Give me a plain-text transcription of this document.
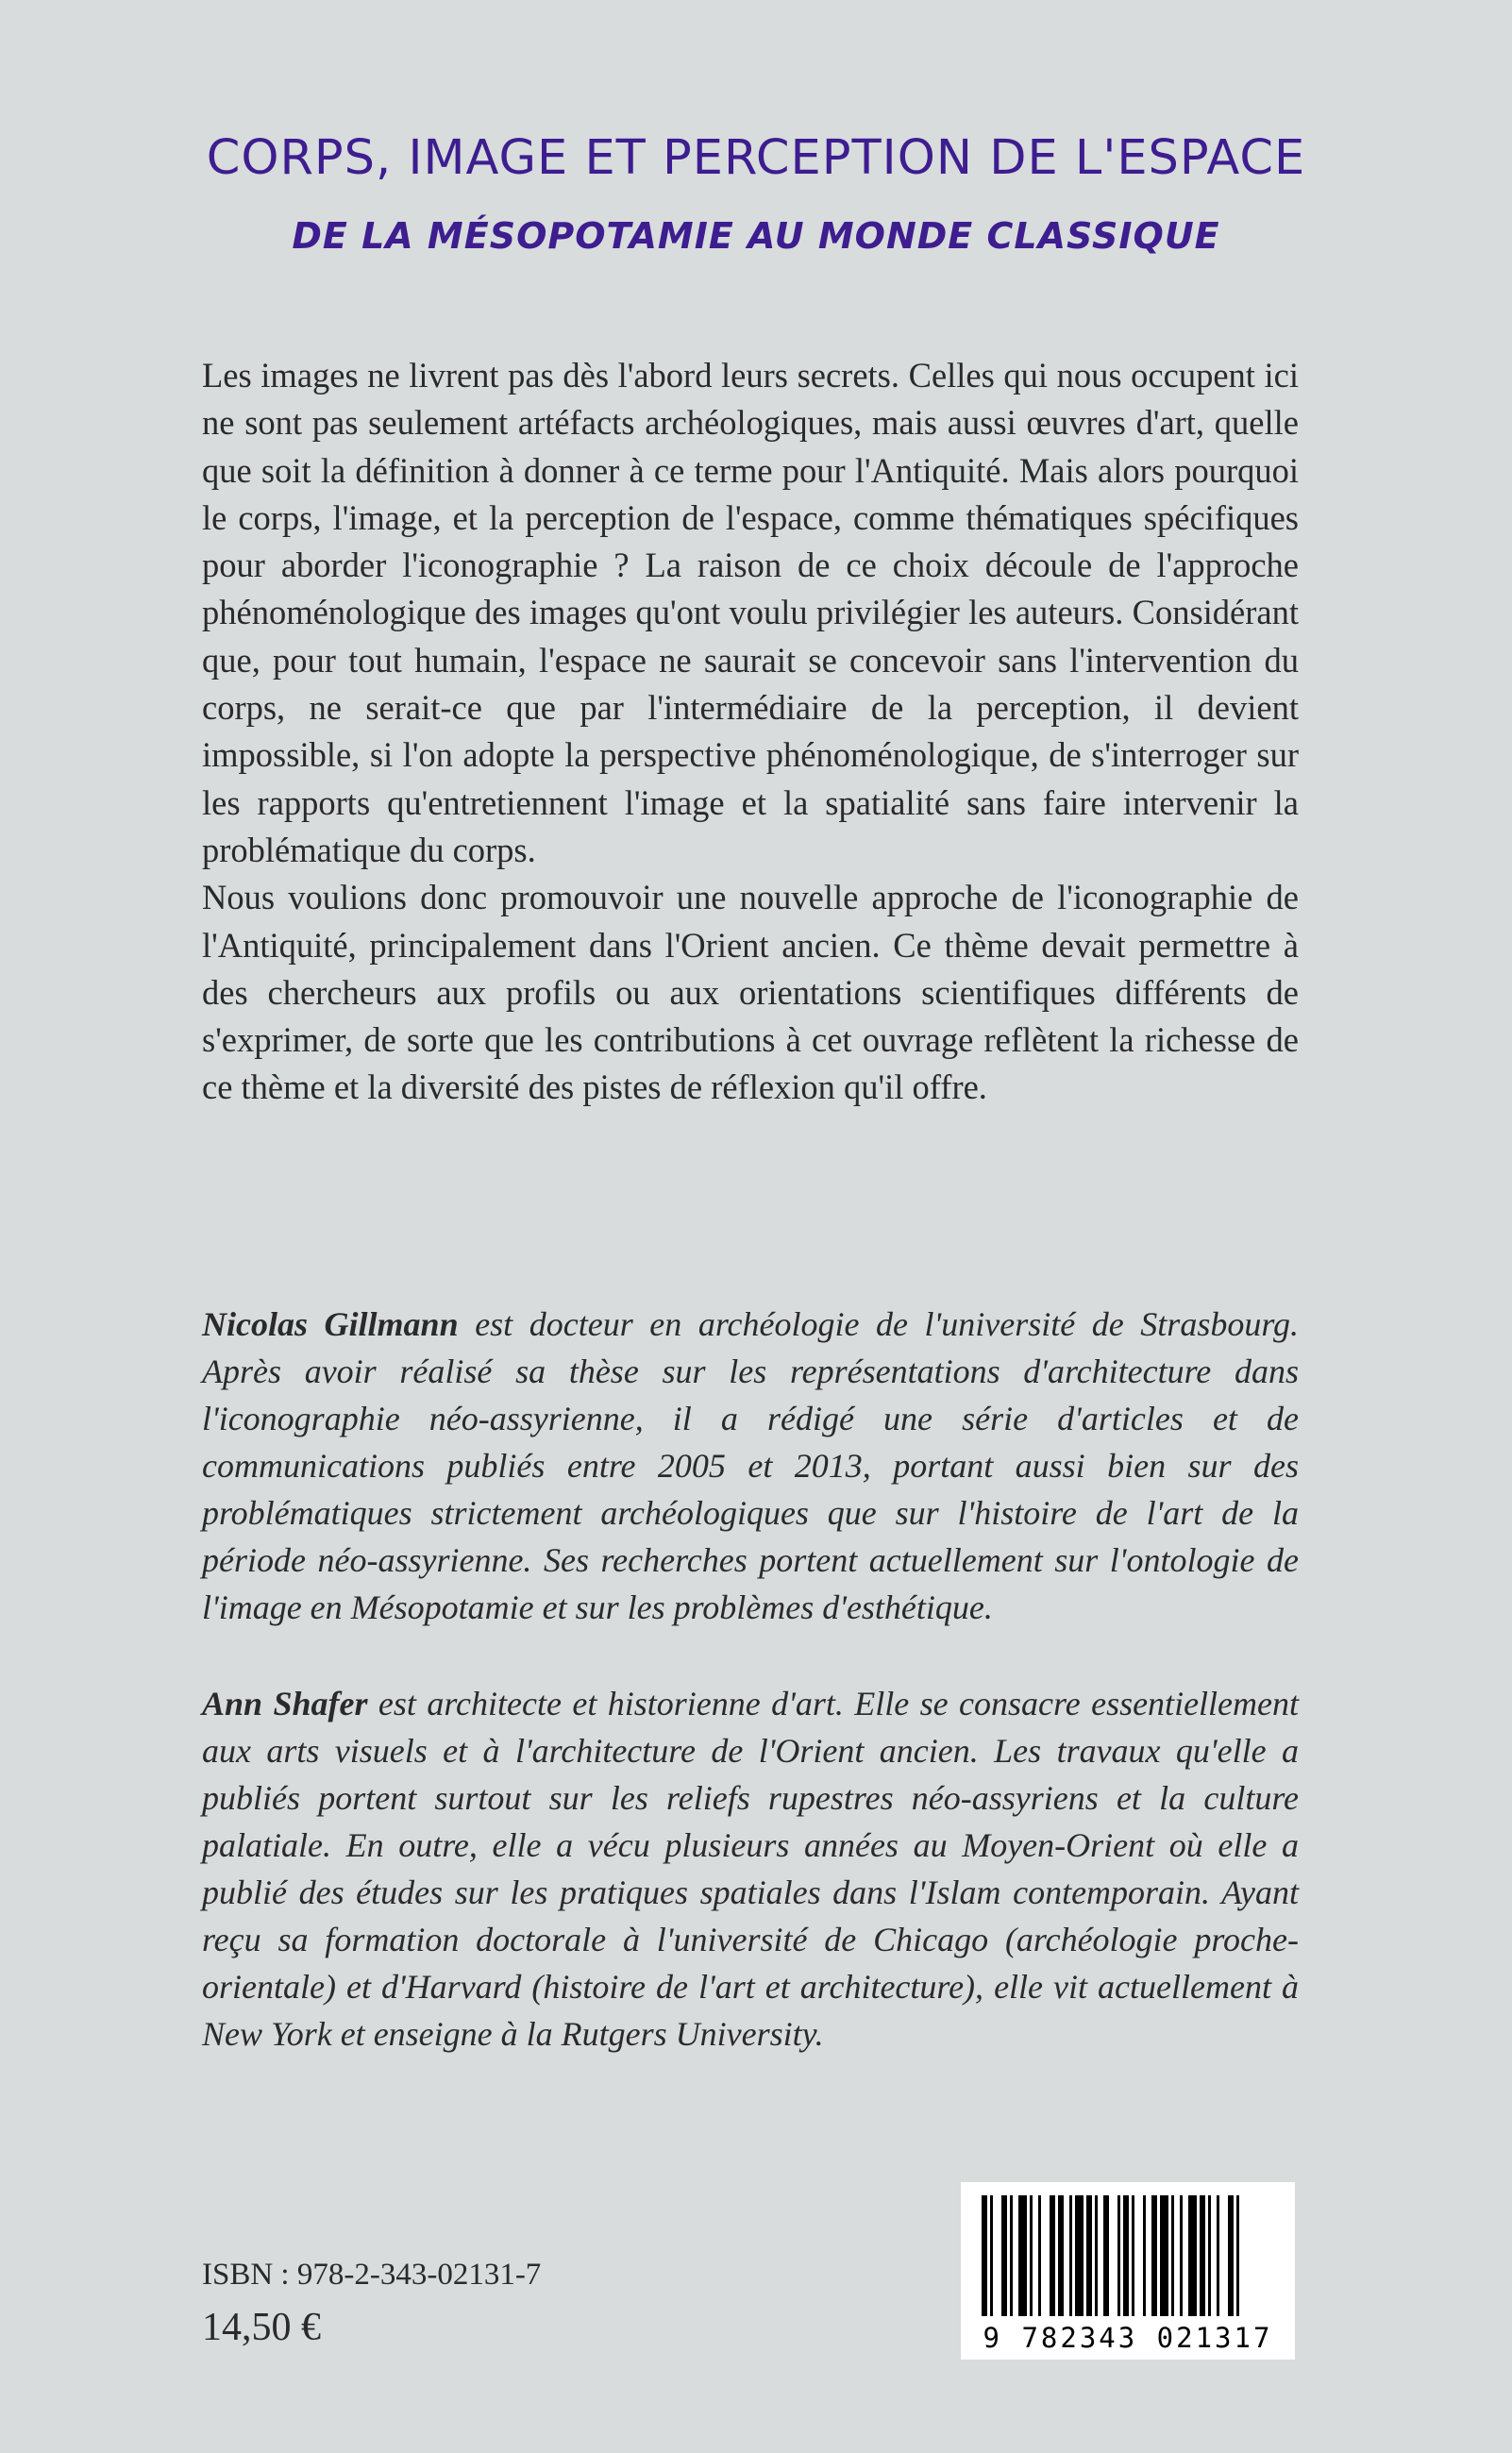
CORPS, IMAGE ET PERCEPTION DE L'ESPACE
DE LA MÉSOPOTAMIE AU MONDE CLASSIQUE

Les images ne livrent pas dès l'abord leurs secrets. Celles qui nous occupent ici ne sont pas seulement artéfacts archéologiques, mais aussi œuvres d'art, quelle que soit la définition à donner à ce terme pour l'Antiquité. Mais alors pourquoi le corps, l'image, et la perception de l'espace, comme thématiques spécifiques pour aborder l'iconographie ? La raison de ce choix découle de l'approche phénoménologique des images qu'ont voulu privilégier les auteurs. Considérant que, pour tout humain, l'espace ne saurait se concevoir sans l'intervention du corps, ne serait-ce que par l'intermédiaire de la perception, il devient impossible, si l'on adopte la perspective phénoménologique, de s'interroger sur les rapports qu'entretiennent l'image et la spatialité sans faire intervenir la problématique du corps.

Nous voulions donc promouvoir une nouvelle approche de l'iconographie de l'Antiquité, principalement dans l'Orient ancien. Ce thème devait permettre à des chercheurs aux profils ou aux orientations scientifiques différents de s'exprimer, de sorte que les contributions à cet ouvrage reflètent la richesse de ce thème et la diversité des pistes de réflexion qu'il offre.

Nicolas Gillmann est docteur en archéologie de l'université de Strasbourg. Après avoir réalisé sa thèse sur les représentations d'architecture dans l'iconographie néo-assyrienne, il a rédigé une série d'articles et de communications publiés entre 2005 et 2013, portant aussi bien sur des problématiques strictement archéologiques que sur l'histoire de l'art de la période néo-assyrienne. Ses recherches portent actuellement sur l'ontologie de l'image en Mésopotamie et sur les problèmes d'esthétique.
Ann Shafer est architecte et historienne d'art. Elle se consacre essentiellement aux arts visuels et à l'architecture de l'Orient ancien. Les travaux qu'elle a publiés portent surtout sur les reliefs rupestres néo-assyriens et la culture palatiale. En outre, elle a vécu plusieurs années au Moyen-Orient où elle a publié des études sur les pratiques spatiales dans l'Islam contemporain. Ayant reçu sa formation doctorale à l'université de Chicago (archéologie proche-orientale) et d'Harvard (histoire de l'art et architecture), elle vit actuellement à New York et enseigne à la Rutgers University.
ISBN : 978-2-343-02131-7
14,50 €	9 782343 021317
